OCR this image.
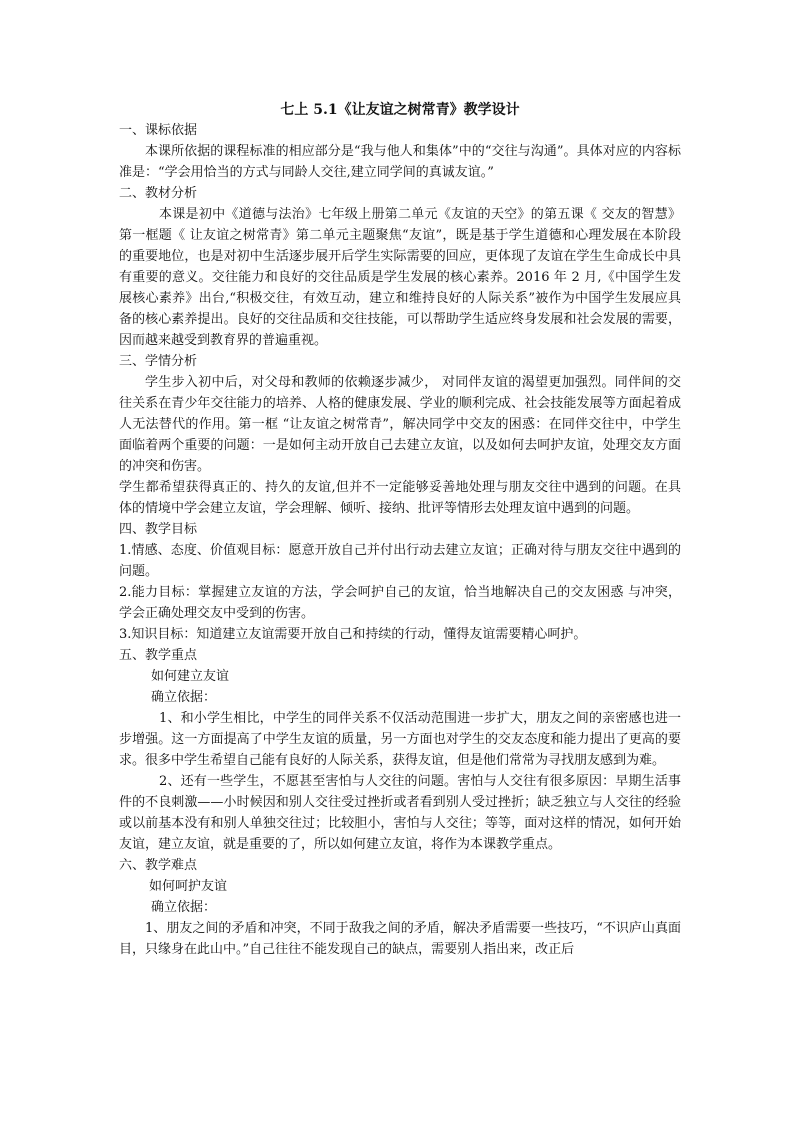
七上 5.1《让友谊之树常青》教学设计

一、课标依据

本课所依据的课程标准的相应部分是“我与他人和集体”中的“交往与沟通”。具体对应的内容标准是：“学会用恰当的方式与同龄人交往,建立同学间的真诚友谊。”

二、教材分析

本课是初中《道德与法治》七年级上册第二单元《友谊的天空》的第五课《 交友的智慧》第一框题《 让友谊之树常青》第二单元主题聚焦“友谊”，既是基于学生道德和心理发展在本阶段的重要地位，也是对初中生活逐步展开后学生实际需要的回应，更体现了友谊在学生生命成长中具有重要的意义。交往能力和良好的交往品质是学生发展的核心素养。2016 年 2 月,《中国学生发展核心素养》出台,“积极交往，有效互动，建立和维持良好的人际关系”被作为中国学生发展应具备的核心素养提出。良好的交往品质和交往技能，可以帮助学生适应终身发展和社会发展的需要，因而越来越受到教育界的普遍重视。

三、学情分析

学生步入初中后，对父母和教师的依赖逐步减少， 对同伴友谊的渴望更加强烈。同伴间的交往关系在青少年交往能力的培养、人格的健康发展、学业的顺利完成、社会技能发展等方面起着成人无法替代的作用。第一框 “让友谊之树常青”，解决同学中交友的困惑：在同伴交往中，中学生面临着两个重要的问题：一是如何主动开放自己去建立友谊，以及如何去呵护友谊，处理交友方面的冲突和伤害。

学生都希望获得真正的、持久的友谊,但并不一定能够妥善地处理与朋友交往中遇到的问题。在具体的情境中学会建立友谊，学会理解、倾听、接纳、批评等情形去处理友谊中遇到的问题。

四、教学目标

1.情感、态度、价值观目标：愿意开放自己并付出行动去建立友谊；正确对待与朋友交往中遇到的问题。

2.能力目标：掌握建立友谊的方法，学会呵护自己的友谊，恰当地解决自己的交友困惑 与冲突，学会正确处理交友中受到的伤害。

3.知识目标：知道建立友谊需要开放自己和持续的行动，懂得友谊需要精心呵护。

五、教学重点

如何建立友谊

确立依据：

1、和小学生相比，中学生的同伴关系不仅活动范围进一步扩大，朋友之间的亲密感也进一步增强。这一方面提高了中学生友谊的质量，另一方面也对学生的交友态度和能力提出了更高的要求。很多中学生希望自己能有良好的人际关系，获得友谊，但是他们常常为寻找朋友感到为难。

2、还有一些学生，不愿甚至害怕与人交往的问题。害怕与人交往有很多原因：早期生活事件的不良刺激——小时候因和别人交往受过挫折或者看到别人受过挫折；缺乏独立与人交往的经验或以前基本没有和别人单独交往过；比较胆小，害怕与人交往；等等，面对这样的情况，如何开始友谊，建立友谊，就是重要的了，所以如何建立友谊，将作为本课教学重点。

六、教学难点

如何呵护友谊

确立依据：

1、朋友之间的矛盾和冲突，不同于敌我之间的矛盾，解决矛盾需要一些技巧，“不识庐山真面目，只缘身在此山中。”自己往往不能发现自己的缺点，需要别人指出来，改正后
